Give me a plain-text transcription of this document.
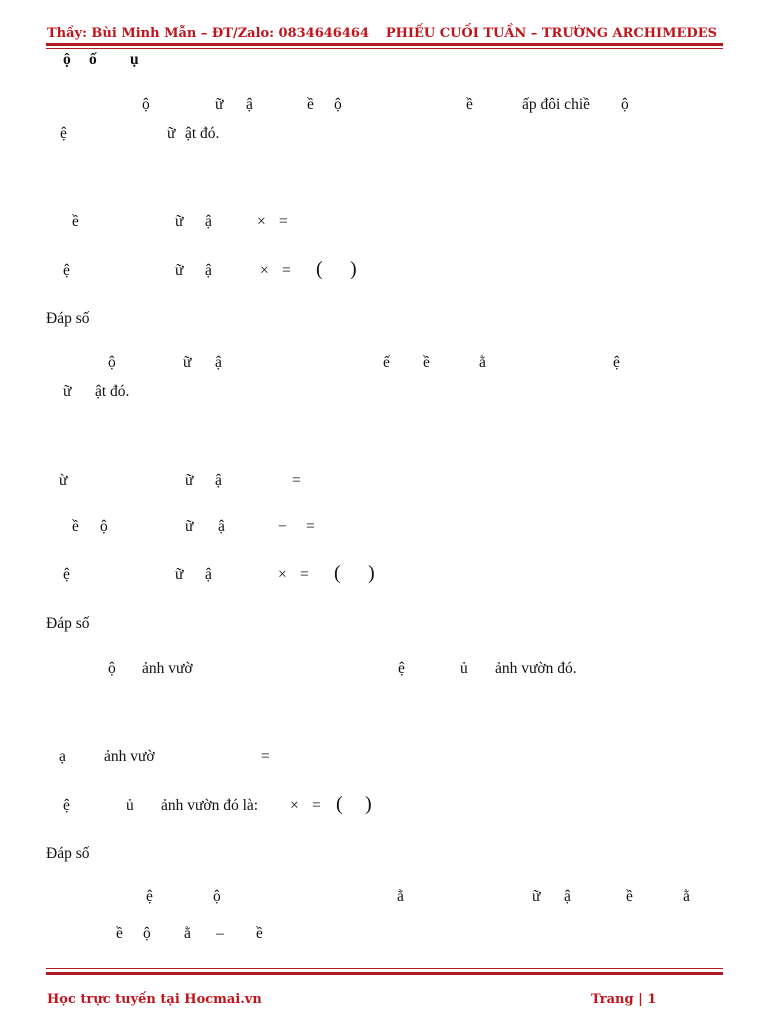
Thầy: Bùi Minh Mẫn – ĐT/Zalo: 0834646464 PHIẾU CUỐI TUẦN – TRƯỜNG ARCHIMEDES
ộ ố ụ
ộ	ữ ậ	ề ộ	ề	ấp đôi chiề ộ
ệ	ữ ật đó.
ề	ữ ậ	× =
ệ	ữ ậ	× = ( )
Đáp số
ộ	ữ ậ	ế ề	ằ	ệ
ữ ật đó.
ừ	ữ ậ	=
ề ộ	ữ ậ	− =
ệ	ữ ậ	× = ( )
Đáp số
ộ ảnh vườ	ệ	ủ ảnh vườn đó.
ạ ảnh vườ	=
ệ	ủ ảnh vườn đó là: × = ( )
Đáp số
ệ	ộ	ằ	ữ ậ	ề	ằ
ề ộ ằ – ề
Học trực tuyến tại Hocmai.vn	Trang | 1
